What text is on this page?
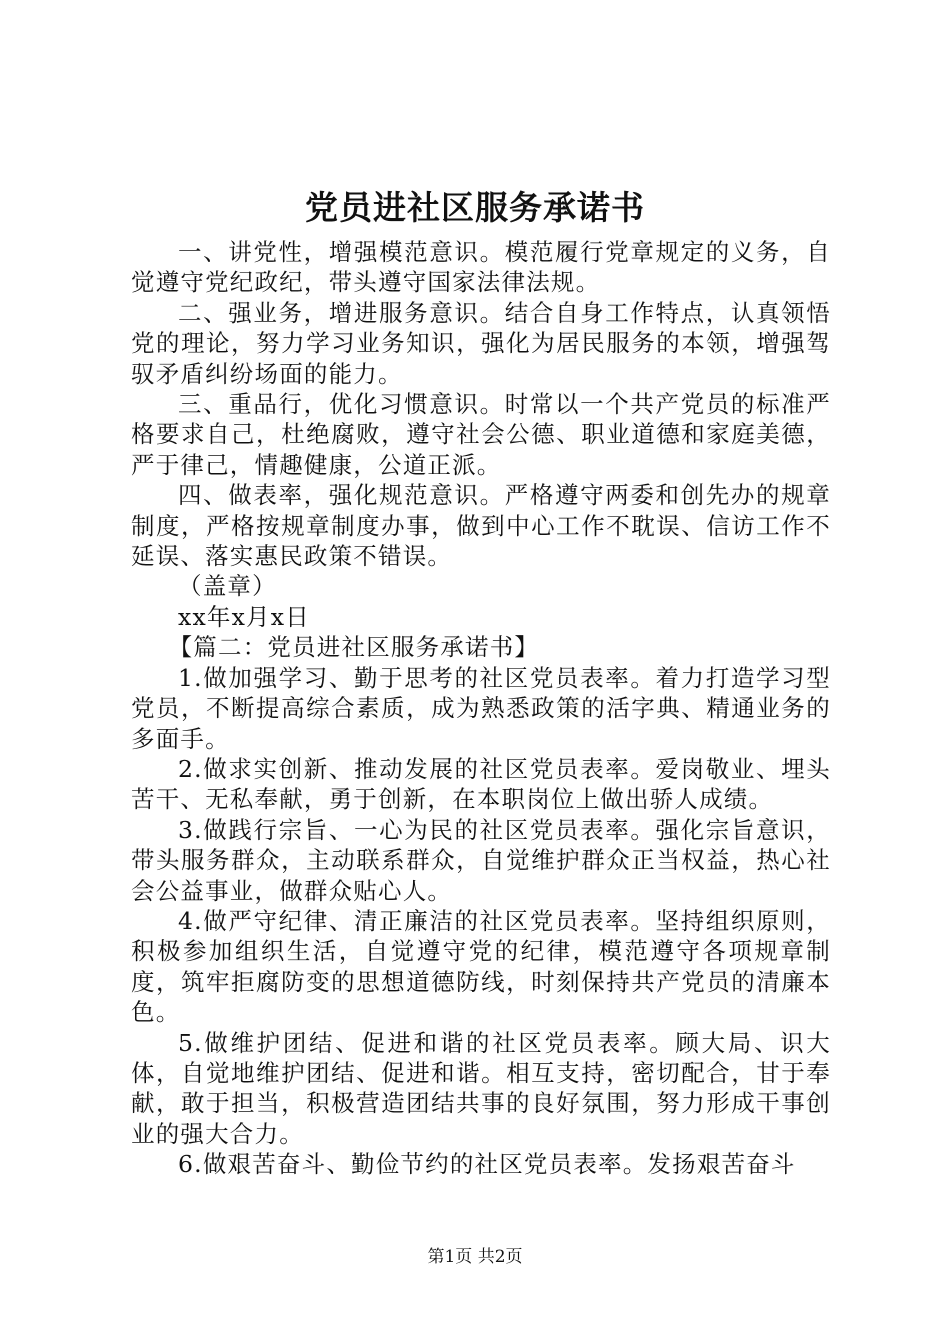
党员进社区服务承诺书

一、讲党性，增强模范意识。模范履行党章规定的义务，自觉遵守党纪政纪，带头遵守国家法律法规。

二、强业务，增进服务意识。结合自身工作特点，认真领悟党的理论，努力学习业务知识，强化为居民服务的本领，增强驾驭矛盾纠纷场面的能力。

三、重品行，优化习惯意识。时常以一个共产党员的标准严格要求自己，杜绝腐败，遵守社会公德、职业道德和家庭美德，严于律己，情趣健康，公道正派。

四、做表率，强化规范意识。严格遵守两委和创先办的规章制度，严格按规章制度办事，做到中心工作不耽误、信访工作不延误、落实惠民政策不错误。

（盖章）

xx年x月x日

【篇二：党员进社区服务承诺书】

1.做加强学习、勤于思考的社区党员表率。着力打造学习型党员，不断提高综合素质，成为熟悉政策的活字典、精通业务的多面手。

2.做求实创新、推动发展的社区党员表率。爱岗敬业、埋头苦干、无私奉献，勇于创新，在本职岗位上做出骄人成绩。

3.做践行宗旨、一心为民的社区党员表率。强化宗旨意识，带头服务群众，主动联系群众，自觉维护群众正当权益，热心社会公益事业，做群众贴心人。

4.做严守纪律、清正廉洁的社区党员表率。坚持组织原则，积极参加组织生活，自觉遵守党的纪律，模范遵守各项规章制度，筑牢拒腐防变的思想道德防线，时刻保持共产党员的清廉本色。

5.做维护团结、促进和谐的社区党员表率。顾大局、识大体，自觉地维护团结、促进和谐。相互支持，密切配合，甘于奉献，敢于担当，积极营造团结共事的良好氛围，努力形成干事创业的强大合力。

6.做艰苦奋斗、勤俭节约的社区党员表率。发扬艰苦奋斗

第1页 共2页
